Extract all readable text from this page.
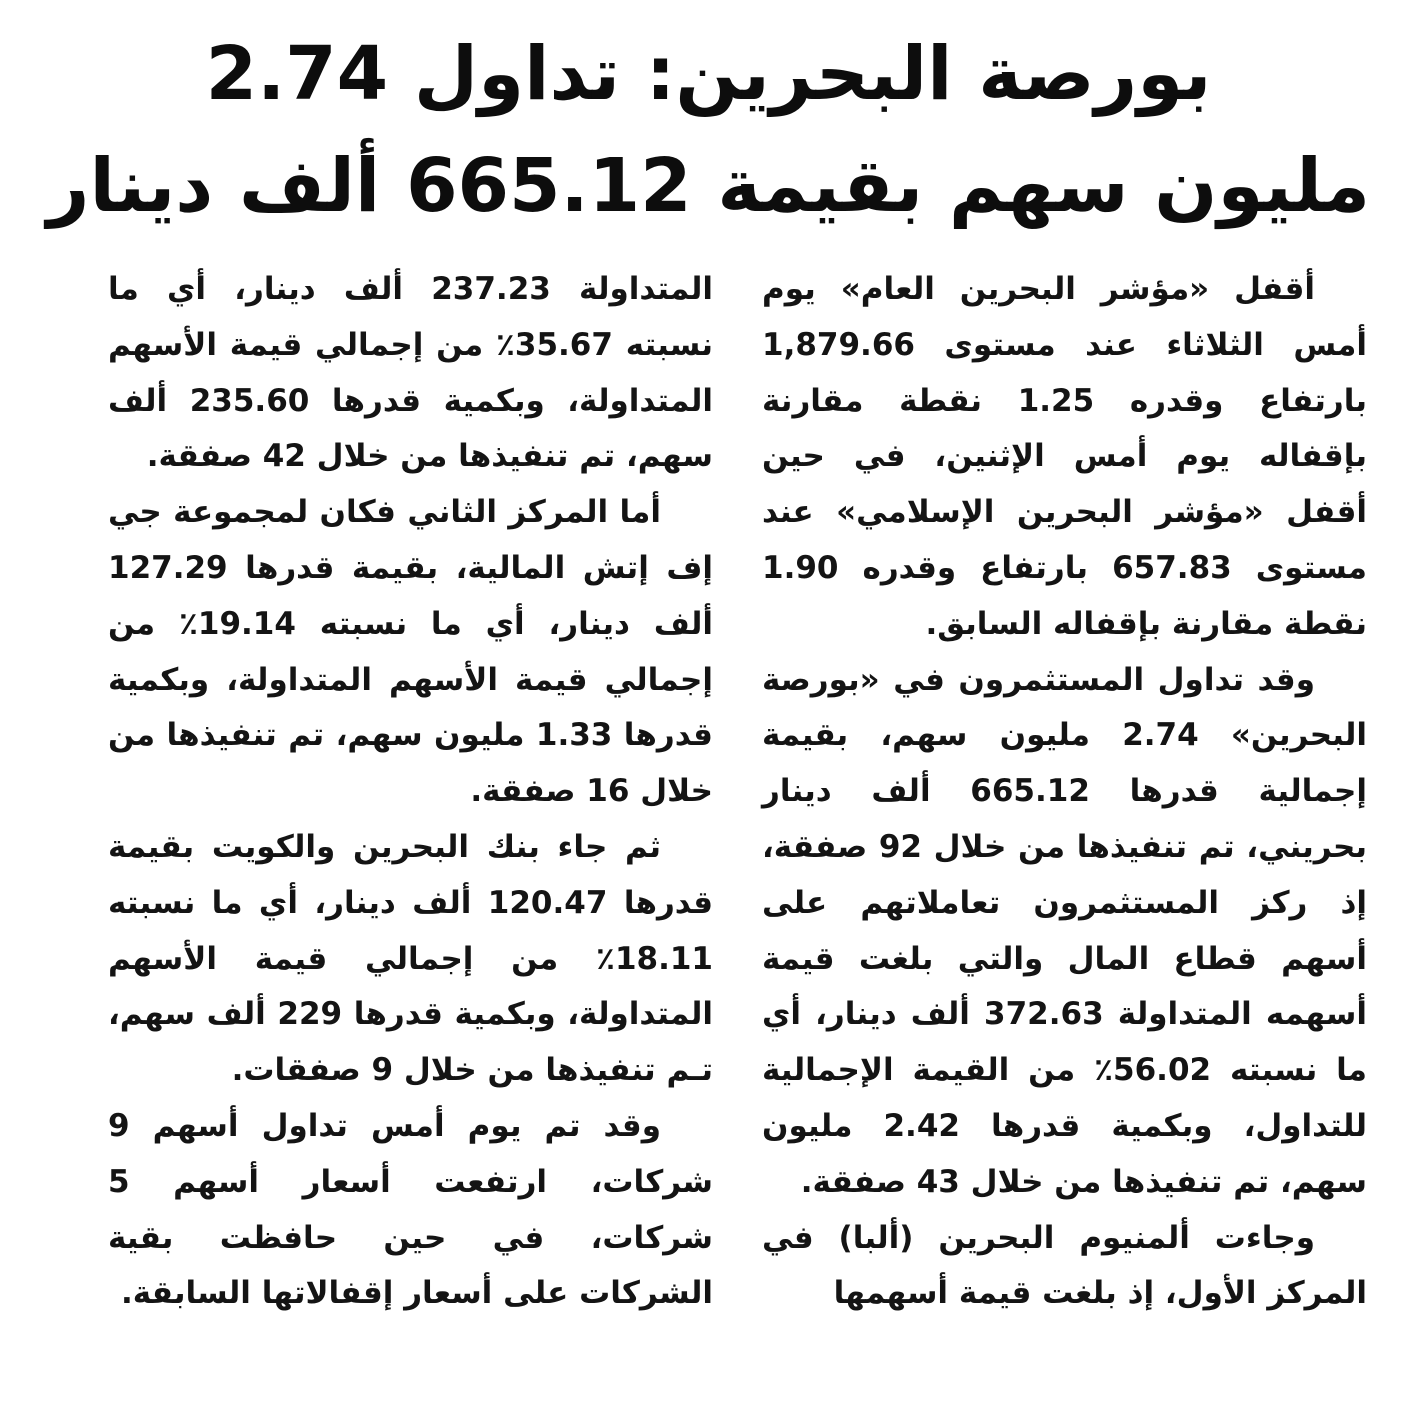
بورصة البحرين: تداول 2.74
مليون سهم بقيمة 665.12 ألف دينار

أقفل «مؤشر البحرين العام» يوم أمس الثلاثاء عند مستوى 1,879.66 بارتفاع وقدره 1.25 نقطة مقارنة بإقفاله يوم أمس الإثنين، في حين أقفل «مؤشر البحرين الإسلامي» عند مستوى 657.83 بارتفاع وقدره 1.90 نقطة مقارنة بإقفاله السابق.

وقد تداول المستثمرون في «بورصة البحرين» 2.74 مليون سهم، بقيمة إجمالية قدرها 665.12 ألف دينار بحريني، تم تنفيذها من خلال 92 صفقة، إذ ركز المستثمرون تعاملاتهم على أسهم قطاع المال والتي بلغت قيمة أسهمه المتداولة 372.63 ألف دينار، أي ما نسبته 56.02٪ من القيمة الإجمالية للتداول، وبكمية قدرها 2.42 مليون سهم، تم تنفيذها من خلال 43 صفقة.

وجاءت ألمنيوم البحرين (ألبا) في المركز الأول، إذ بلغت قيمة أسهمها

المتداولة 237.23 ألف دينار، أي ما نسبته 35.67٪ من إجمالي قيمة الأسهم المتداولة، وبكمية قدرها 235.60 ألف سهم، تم تنفيذها من خلال 42 صفقة.

أما المركز الثاني فكان لمجموعة جي إف إتش المالية، بقيمة قدرها 127.29 ألف دينار، أي ما نسبته 19.14٪ من إجمالي قيمة الأسهم المتداولة، وبكمية قدرها 1.33 مليون سهم، تم تنفيذها من خلال 16 صفقة.

ثم جاء بنك البحرين والكويت بقيمة قدرها 120.47 ألف دينار، أي ما نسبته 18.11٪ من إجمالي قيمة الأسهم المتداولة، وبكمية قدرها 229 ألف سهم، تـم تنفيذها من خلال 9 صفقات.

وقد تم يوم أمس تداول أسهم 9 شركات، ارتفعت أسعار أسهم 5 شركات، في حين حافظت بقية الشركات على أسعار إقفالاتها السابقة.
